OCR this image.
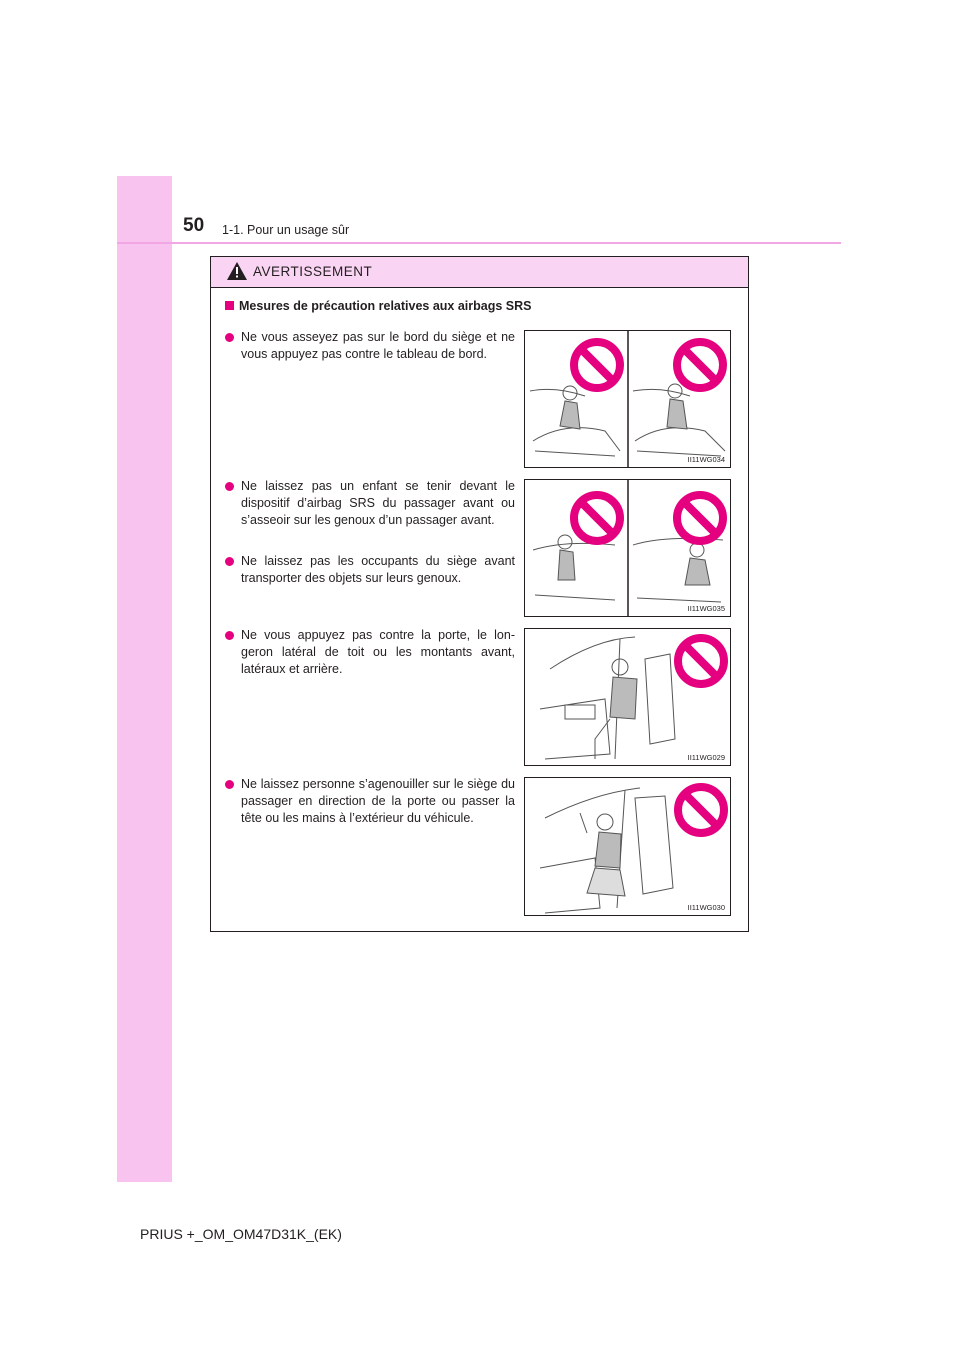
50 1-1. Pour un usage sûr
AVERTISSEMENT
Mesures de précaution relatives aux airbags SRS
Ne vous asseyez pas sur le bord du siège et ne vous appuyez pas contre le tableau de bord.
Ne laissez pas un enfant se tenir devant le dispositif d’airbag SRS du passager avant ou s’asseoir sur les genoux d’un passager avant.
Ne laissez pas les occupants du siège avant transporter des objets sur leurs genoux.
Ne vous appuyez pas contre la porte, le lon-geron latéral de toit ou les montants avant, latéraux et arrière.
Ne laissez personne s’agenouiller sur le siège du passager en direction de la porte ou passer la tête ou les mains à l’extérieur du véhicule.
II11WG034
II11WG035
II11WG029
II11WG030
PRIUS +_OM_OM47D31K_(EK)
